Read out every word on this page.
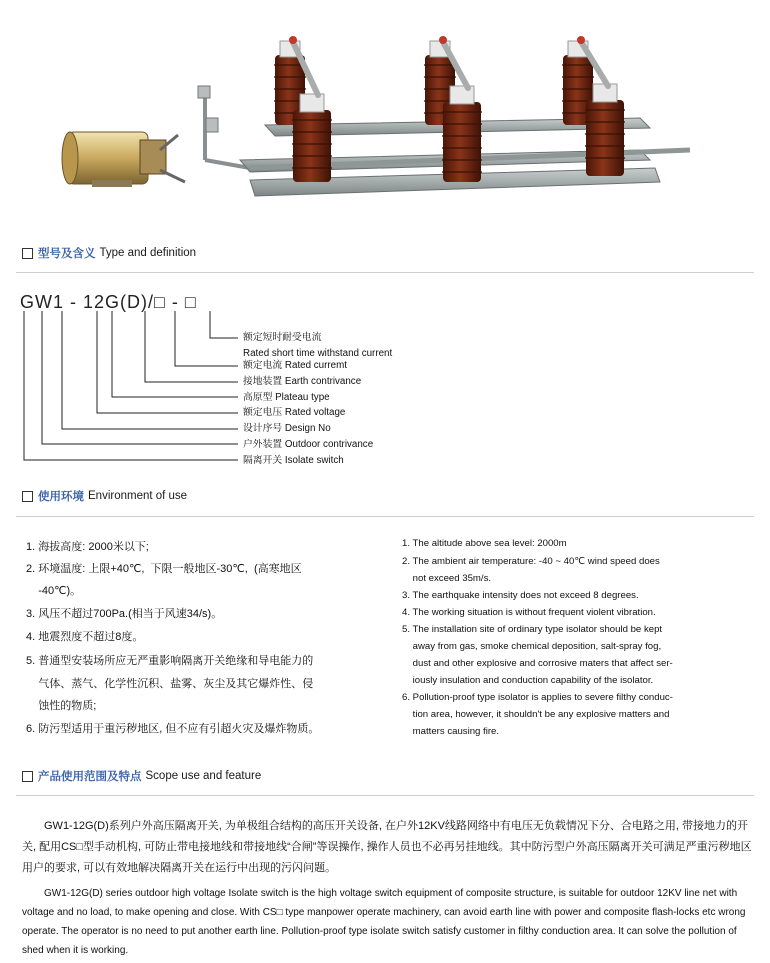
型号及含义 Type and definition
GW1 - 12G(D)/□ - □
额定短时耐受电流
Rated short time withstand current
额定电流 Rated curremt
接地装置 Earth contrivance
高原型 Plateau type
额定电压 Rated voltage
设计序号 Design No
户外装置 Outdoor contrivance
隔离开关 Isolate switch
使用环境 Environment of use
1. 海拔高度: 2000米以下;
2. 环境温度: 上限+40℃,  下限一般地区-30℃,  (高寒地区
-40℃)。
3. 风压不超过700Pa.(相当于风速34/s)。
4. 地震烈度不超过8度。
5. 普通型安装场所应无严重影响隔离开关绝缘和导电能力的
气体、蒸气、化学性沉积、盐雾、灰尘及其它爆炸性、侵
蚀性的物质;
6. 防污型适用于重污秽地区, 但不应有引超火灾及爆炸物质。
1. The altitude above sea level: 2000m
2. The ambient air temperature: -40 ~ 40℃ wind speed does
not exceed 35m/s.
3. The earthquake intensity does not exceed 8 degrees.
4. The working situation is without frequent violent vibration.
5. The installation site of ordinary type isolator should be kept
away from gas, smoke chemical deposition, salt-spray fog,
dust and other explosive and corrosive maters that affect ser-
iously insulation and conduction capability of the isolator.
6. Pollution-proof type isolator is applies to severe filthy conduc-
tion area, however, it shouldn't be any explosive matters and
matters causing fire.
产品使用范围及特点 Scope use and feature
GW1-12G(D)系列户外高压隔离开关, 为单极组合结构的高压开关设备, 在户外12KV线路网络中有电压无负载情况下分、合电路之用, 带接地力的开关, 配用CS□型手动机构, 可防止带电接地线和带接地线“合闸”等误操作, 操作人员也不必再另挂地线。其中防污型户外高压隔离开关可满足严重污秽地区用户的要求, 可以有效地解决隔离开关在运行中出现的污闪问题。
GW1-12G(D) series outdoor high voltage Isolate switch is the high voltage switch equipment of composite structure, is suitable for outdoor 12KV line net with voltage and no load, to make opening and close. With CS□ type manpower operate machinery, can avoid earth line with power and composite flash-locks etc wrong operate. The operator is no need to put another earth line. Pollution-proof type isolate switch satisfy customer in filthy conduction area. It can solve the pollution of shed when it is working.
